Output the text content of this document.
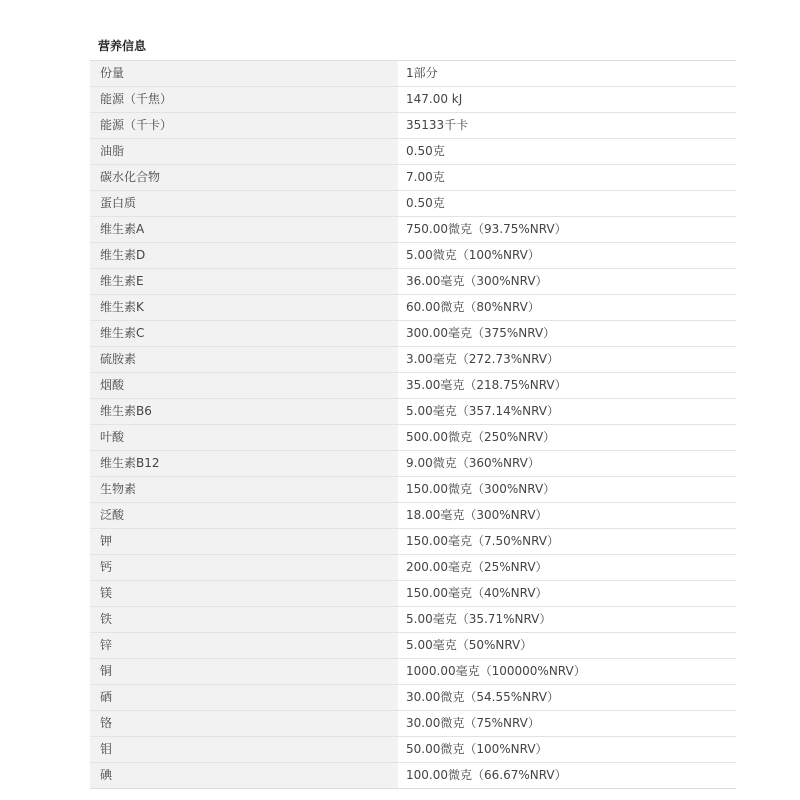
营养信息
份量	1部分
能源（千焦）	147.00 kJ
能源（千卡）	35133千卡
油脂	0.50克
碳水化合物	7.00克
蛋白质	0.50克
维生素A	750.00微克（93.75%NRV）
维生素D	5.00微克（100%NRV）
维生素E	36.00毫克（300%NRV）
维生素K	60.00微克（80%NRV）
维生素C	300.00毫克（375%NRV）
硫胺素	3.00毫克（272.73%NRV）
烟酸	35.00毫克（218.75%NRV）
维生素B6	5.00毫克（357.14%NRV）
叶酸	500.00微克（250%NRV）
维生素B12	9.00微克（360%NRV）
生物素	150.00微克（300%NRV）
泛酸	18.00毫克（300%NRV）
钾	150.00毫克（7.50%NRV）
钙	200.00毫克（25%NRV）
镁	150.00毫克（40%NRV）
铁	5.00毫克（35.71%NRV）
锌	5.00毫克（50%NRV）
铜	1000.00毫克（100000%NRV）
硒	30.00微克（54.55%NRV）
铬	30.00微克（75%NRV）
钼	50.00微克（100%NRV）
碘	100.00微克（66.67%NRV）
